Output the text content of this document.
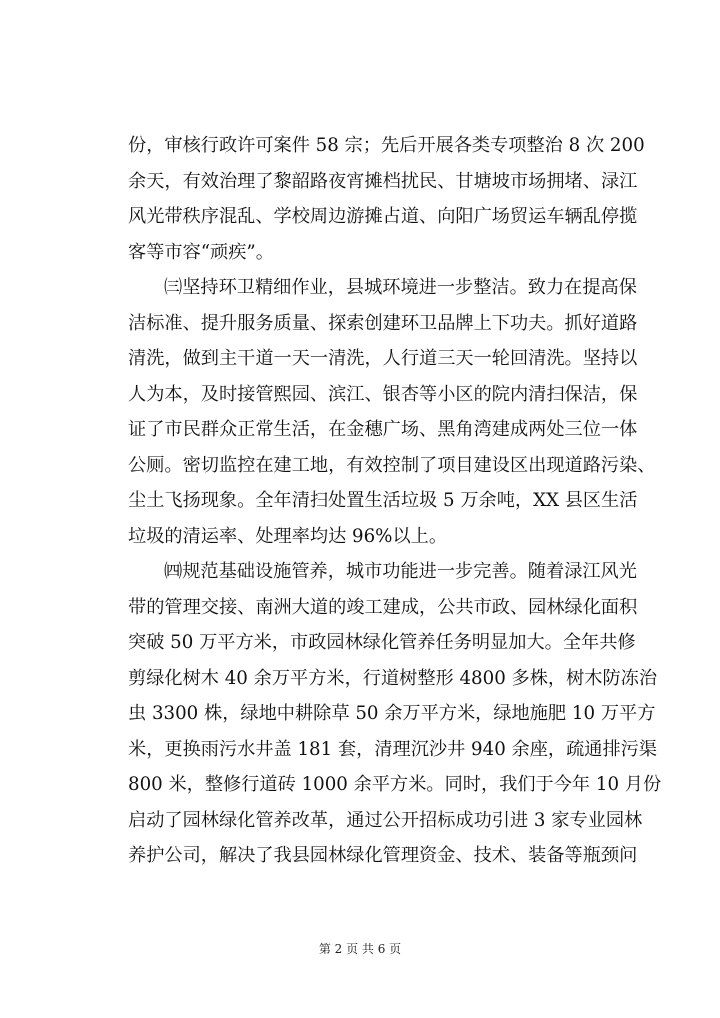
份，审核行政许可案件 58 宗；先后开展各类专项整治 8 次 200
余天，有效治理了黎韶路夜宵摊档扰民、甘塘坡市场拥堵、渌江
风光带秩序混乱、学校周边游摊占道、向阳广场贸运车辆乱停揽
客等市容“顽疾”。

㈢坚持环卫精细作业，县城环境进一步整洁。致力在提高保
洁标准、提升服务质量、探索创建环卫品牌上下功夫。抓好道路
清洗，做到主干道一天一清洗，人行道三天一轮回清洗。坚持以
人为本，及时接管熙园、滨江、银杏等小区的院内清扫保洁，保
证了市民群众正常生活，在金穗广场、黑角湾建成两处三位一体
公厕。密切监控在建工地，有效控制了项目建设区出现道路污染、
尘土飞扬现象。全年清扫处置生活垃圾 5 万余吨，XX 县区生活
垃圾的清运率、处理率均达 96%以上。

㈣规范基础设施管养，城市功能进一步完善。随着渌江风光
带的管理交接、南洲大道的竣工建成，公共市政、园林绿化面积
突破 50 万平方米，市政园林绿化管养任务明显加大。全年共修
剪绿化树木 40 余万平方米，行道树整形 4800 多株，树木防冻治
虫 3300 株，绿地中耕除草 50 余万平方米，绿地施肥 10 万平方
米，更换雨污水井盖 181 套，清理沉沙井 940 余座，疏通排污渠
800 米，整修行道砖 1000 余平方米。同时，我们于今年 10 月份
启动了园林绿化管养改革，通过公开招标成功引进 3 家专业园林
养护公司，解决了我县园林绿化管理资金、技术、装备等瓶颈问

第 2 页 共 6 页
